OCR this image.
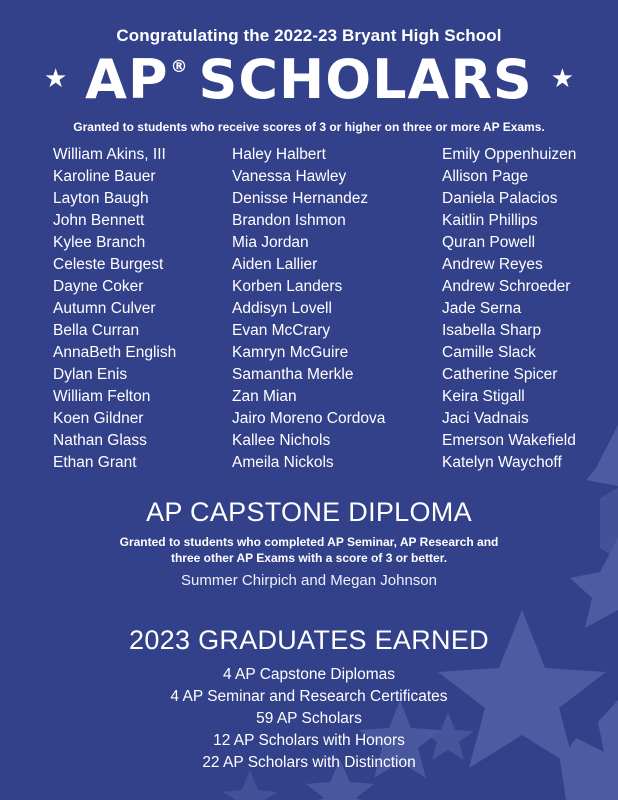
Congratulating the 2022-23 Bryant High School
★ AP ® SCHOLARS ★
Granted to students who receive scores of 3 or higher on three or more AP Exams.
William Akins, III
Karoline Bauer
Layton Baugh
John Bennett
Kylee Branch
Celeste Burgest
Dayne Coker
Autumn Culver
Bella Curran
AnnaBeth English
Dylan Enis
William Felton
Koen Gildner
Nathan Glass
Ethan Grant
Haley Halbert
Vanessa Hawley
Denisse Hernandez
Brandon Ishmon
Mia Jordan
Aiden Lallier
Korben Landers
Addisyn Lovell
Evan McCrary
Kamryn McGuire
Samantha Merkle
Zan Mian
Jairo Moreno Cordova
Kallee Nichols
Ameila Nickols
Emily Oppenhuizen
Allison Page
Daniela Palacios
Kaitlin Phillips
Quran Powell
Andrew Reyes
Andrew Schroeder
Jade Serna
Isabella Sharp
Camille Slack
Catherine Spicer
Keira Stigall
Jaci Vadnais
Emerson Wakefield
Katelyn Waychoff
AP CAPSTONE DIPLOMA
Granted to students who completed AP Seminar, AP Research and
three other AP Exams with a score of 3 or better.
Summer Chirpich and Megan Johnson
2023 GRADUATES EARNED
4 AP Capstone Diplomas
4 AP Seminar and Research Certificates
59 AP Scholars
12 AP Scholars with Honors
22 AP Scholars with Distinction
